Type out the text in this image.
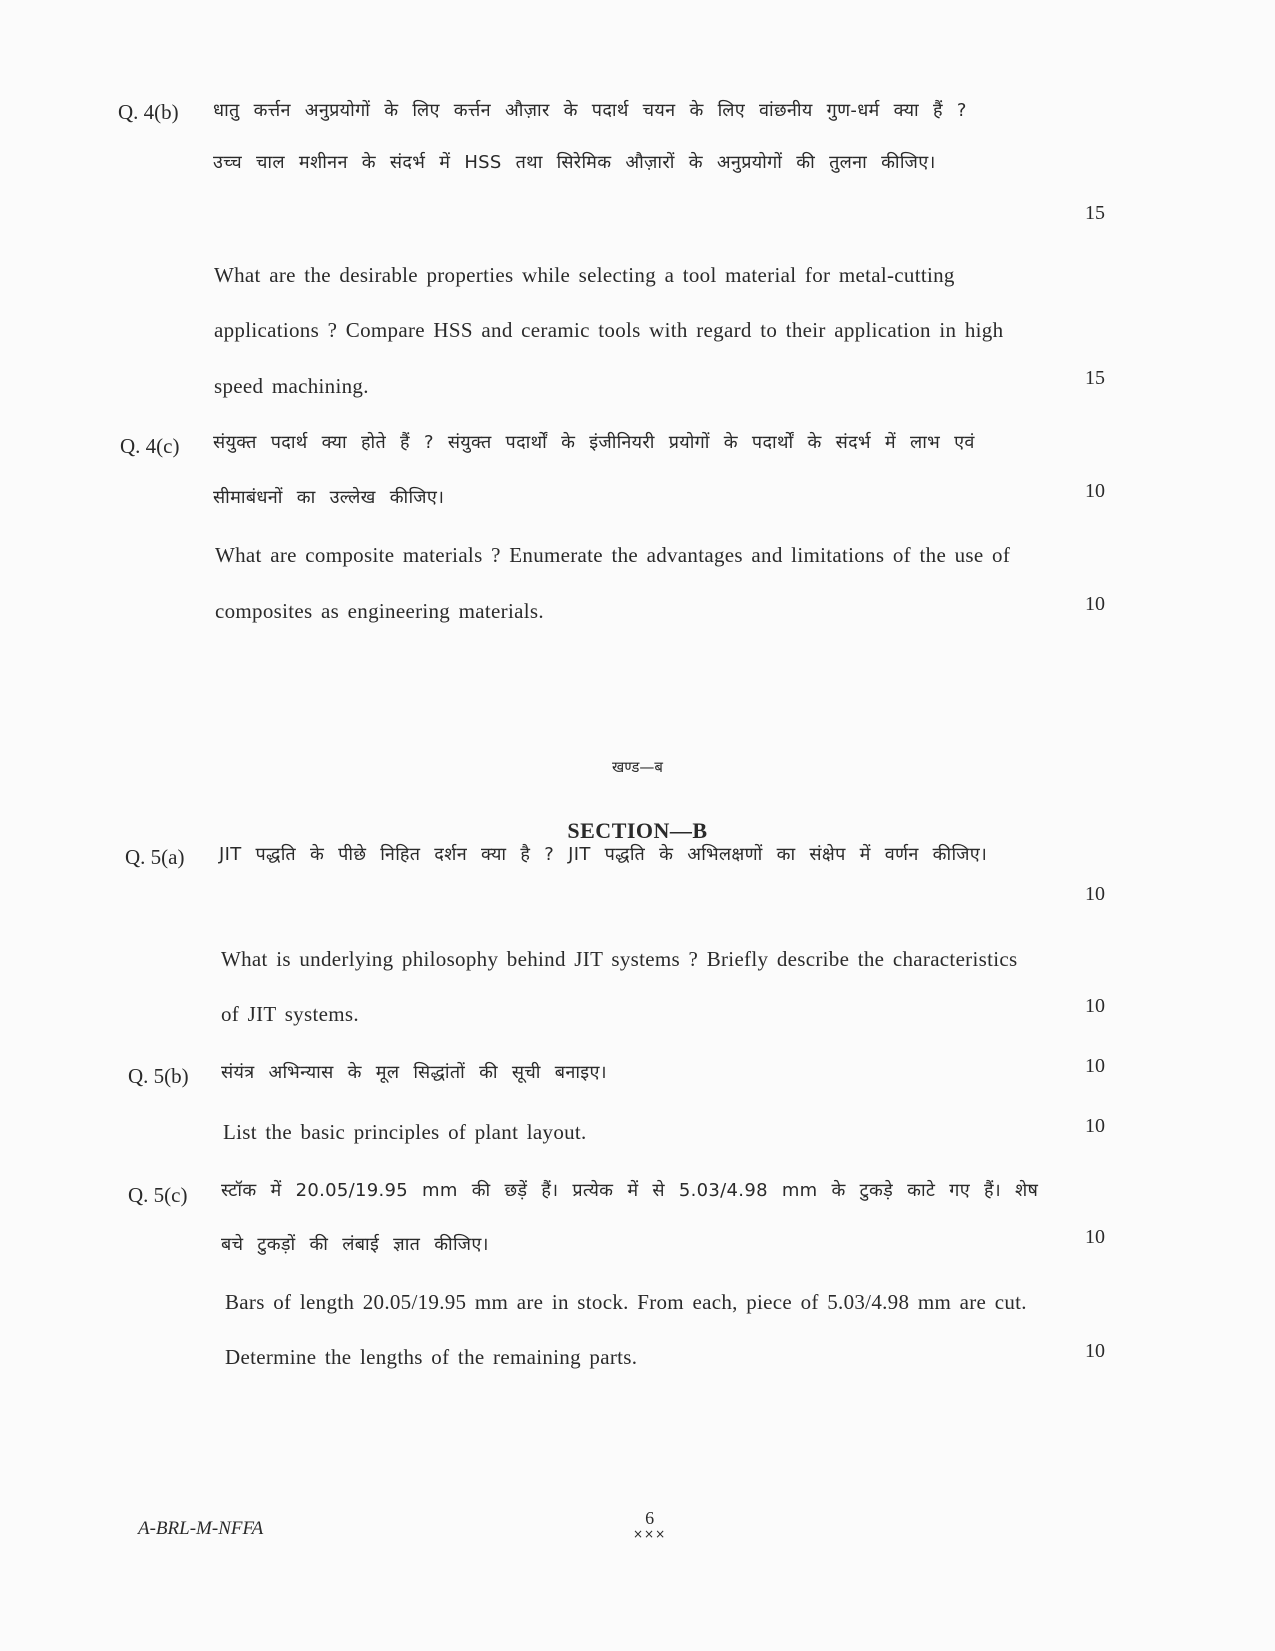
Q. 4(b) धातु कर्त्तन अनुप्रयोगों के लिए कर्त्तन औज़ार के पदार्थ चयन के लिए वांछनीय गुण-धर्म क्या हैं ?
उच्च चाल मशीनन के संदर्भ में HSS तथा सिरेमिक औज़ारों के अनुप्रयोगों की तुलना कीजिए।
15
What are the desirable properties while selecting a tool material for metal-cutting
applications ? Compare HSS and ceramic tools with regard to their application in high
speed machining.	15
Q. 4(c) संयुक्त पदार्थ क्या होते हैं ? संयुक्त पदार्थों के इंजीनियरी प्रयोगों के पदार्थों के संदर्भ में लाभ एवं
सीमाबंधनों का उल्लेख कीजिए।	10
What are composite materials ? Enumerate the advantages and limitations of the use of
composites as engineering materials.	10
खण्ड—ब
SECTION—B
Q. 5(a) JIT पद्धति के पीछे निहित दर्शन क्या है ? JIT पद्धति के अभिलक्षणों का संक्षेप में वर्णन कीजिए।
10
What is underlying philosophy behind JIT systems ? Briefly describe the characteristics
of JIT systems.	10
Q. 5(b) संयंत्र अभिन्यास के मूल सिद्धांतों की सूची बनाइए।	10
List the basic principles of plant layout.	10
Q. 5(c) स्टॉक में 20.05/19.95 mm की छड़ें हैं। प्रत्येक में से 5.03/4.98 mm के टुकड़े काटे गए हैं। शेष
बचे टुकड़ों की लंबाई ज्ञात कीजिए।	10
Bars of length 20.05/19.95 mm are in stock. From each, piece of 5.03/4.98 mm are cut.
Determine the lengths of the remaining parts.	10
A-BRL-M-NFFA	6
×××
